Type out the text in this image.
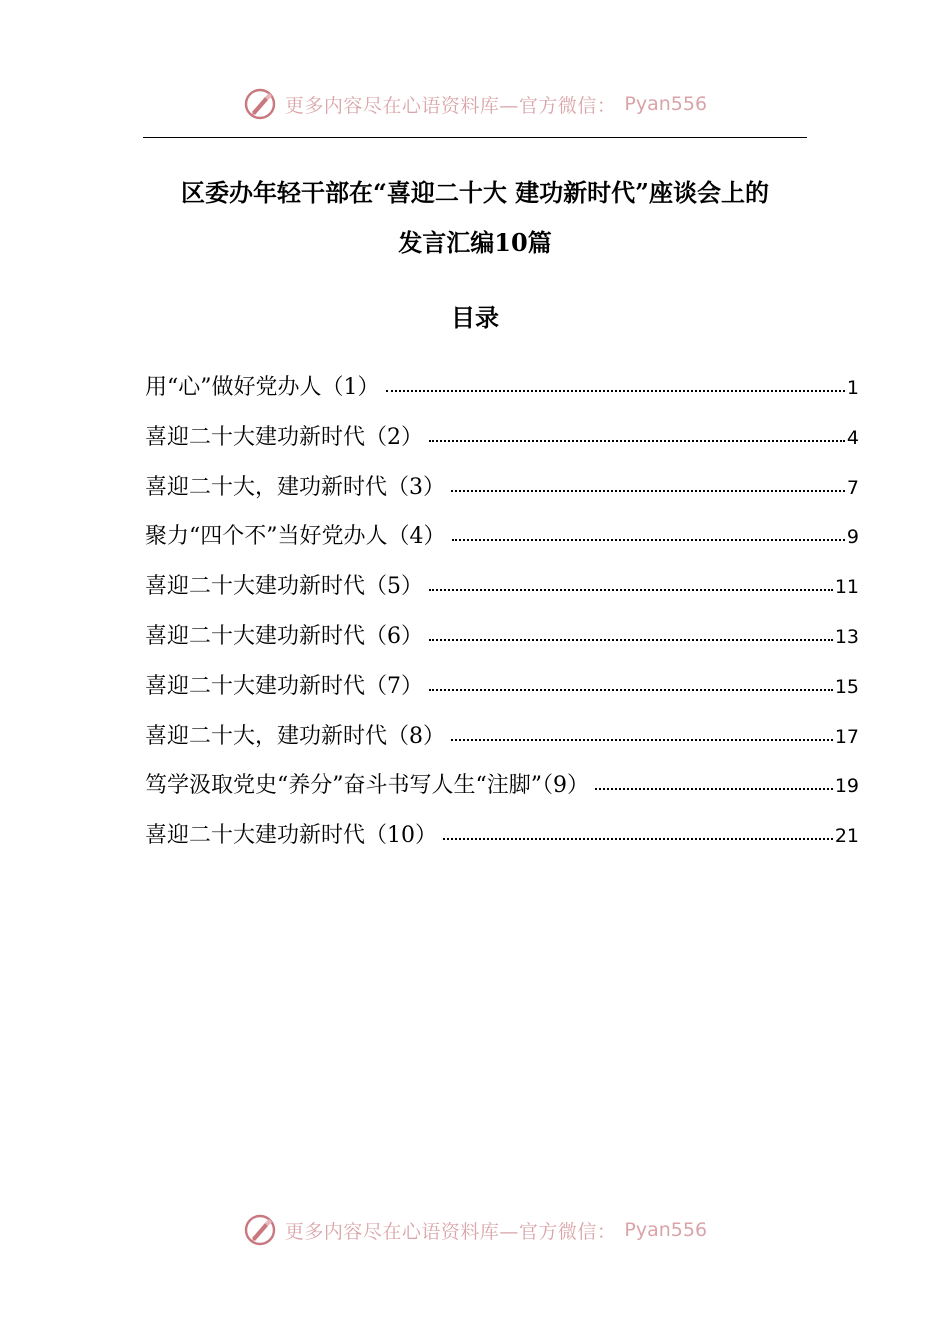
更多内容尽在心语资料库—官方微信： Pyan556
区委办年轻干部在“喜迎二十大 建功新时代”座谈会上的
发言汇编10篇
目录
用“心”做好党办人（1）	1
喜迎二十大建功新时代（2）	4
喜迎二十大，建功新时代（3）	7
聚力“四个不”当好党办人（4）	9
喜迎二十大建功新时代（5）	11
喜迎二十大建功新时代（6）	13
喜迎二十大建功新时代（7）	15
喜迎二十大，建功新时代（8）	17
笃学汲取党史“养分”奋斗书写人生“注脚”（9）	19
喜迎二十大建功新时代（10）	21
更多内容尽在心语资料库—官方微信： Pyan556
